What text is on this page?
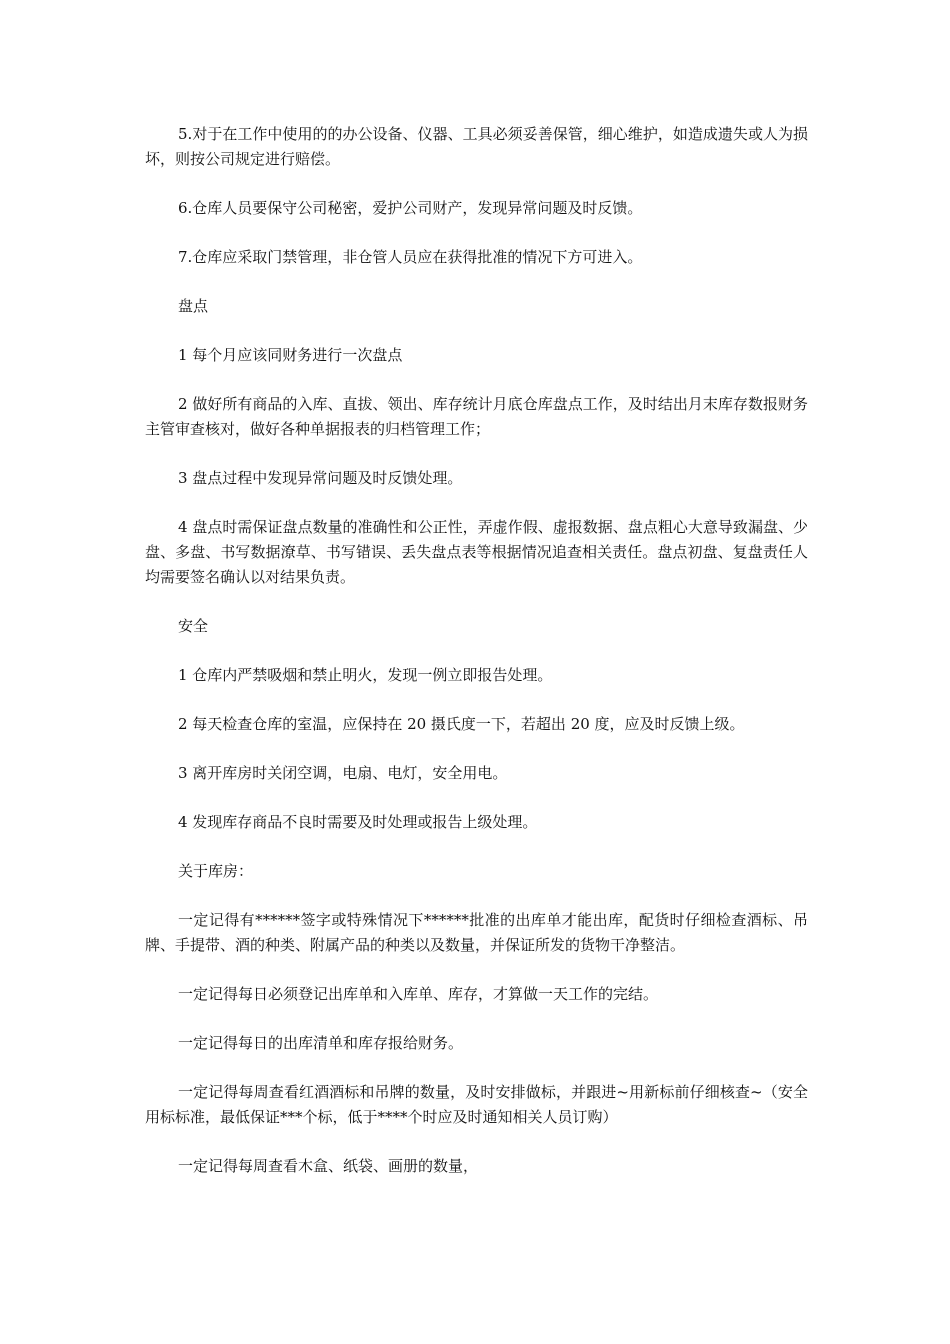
5.对于在工作中使用的的办公设备、仪器、工具必须妥善保管，细心维护，如造成遗失或人为损坏，则按公司规定进行赔偿。

6.仓库人员要保守公司秘密，爱护公司财产，发现异常问题及时反馈。

7.仓库应采取门禁管理，非仓管人员应在获得批准的情况下方可进入。

盘点

1 每个月应该同财务进行一次盘点

2 做好所有商品的入库、直拔、领出、库存统计月底仓库盘点工作，及时结出月末库存数报财务主管审查核对，做好各种单据报表的归档管理工作；

3 盘点过程中发现异常问题及时反馈处理。

4 盘点时需保证盘点数量的准确性和公正性，弄虚作假、虚报数据、盘点粗心大意导致漏盘、少盘、多盘、书写数据潦草、书写错误、丢失盘点表等根据情况追查相关责任。盘点初盘、复盘责任人均需要签名确认以对结果负责。

安全

1 仓库内严禁吸烟和禁止明火，发现一例立即报告处理。

2 每天检查仓库的室温，应保持在 20 摄氏度一下，若超出 20 度，应及时反馈上级。

3 离开库房时关闭空调，电扇、电灯，安全用电。

4 发现库存商品不良时需要及时处理或报告上级处理。

关于库房：

一定记得有******签字或特殊情况下******批准的出库单才能出库，配货时仔细检查酒标、吊牌、手提带、酒的种类、附属产品的种类以及数量，并保证所发的货物干净整洁。

一定记得每日必须登记出库单和入库单、库存，才算做一天工作的完结。

一定记得每日的出库清单和库存报给财务。

一定记得每周查看红酒酒标和吊牌的数量，及时安排做标，并跟进~用新标前仔细核查~（安全用标标准，最低保证***个标，低于****个时应及时通知相关人员订购）

一定记得每周查看木盒、纸袋、画册的数量，
